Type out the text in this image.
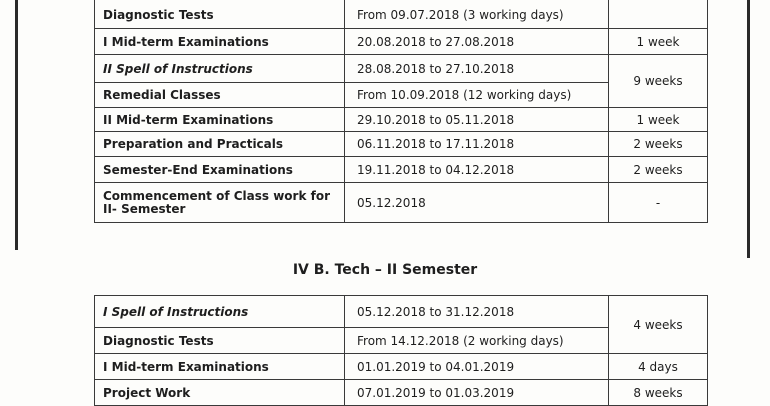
Diagnostic Tests	From 09.07.2018 (3 working days)	
I Mid-term Examinations	20.08.2018 to 27.08.2018	1 week
II Spell of Instructions	28.08.2018 to 27.10.2018	9 weeks
Remedial Classes	From 10.09.2018 (12 working days)	
II Mid-term Examinations	29.10.2018 to 05.11.2018	1 week
Preparation and Practicals	06.11.2018 to 17.11.2018	2 weeks
Semester-End Examinations	19.11.2018 to 04.12.2018	2 weeks
Commencement of Class work for II- Semester	05.12.2018	-
IV B. Tech – II Semester
I Spell of Instructions	05.12.2018 to 31.12.2018	4 weeks
Diagnostic Tests	From 14.12.2018 (2 working days)	
I Mid-term Examinations	01.01.2019 to 04.01.2019	4 days
Project Work	07.01.2019 to 01.03.2019	8 weeks
